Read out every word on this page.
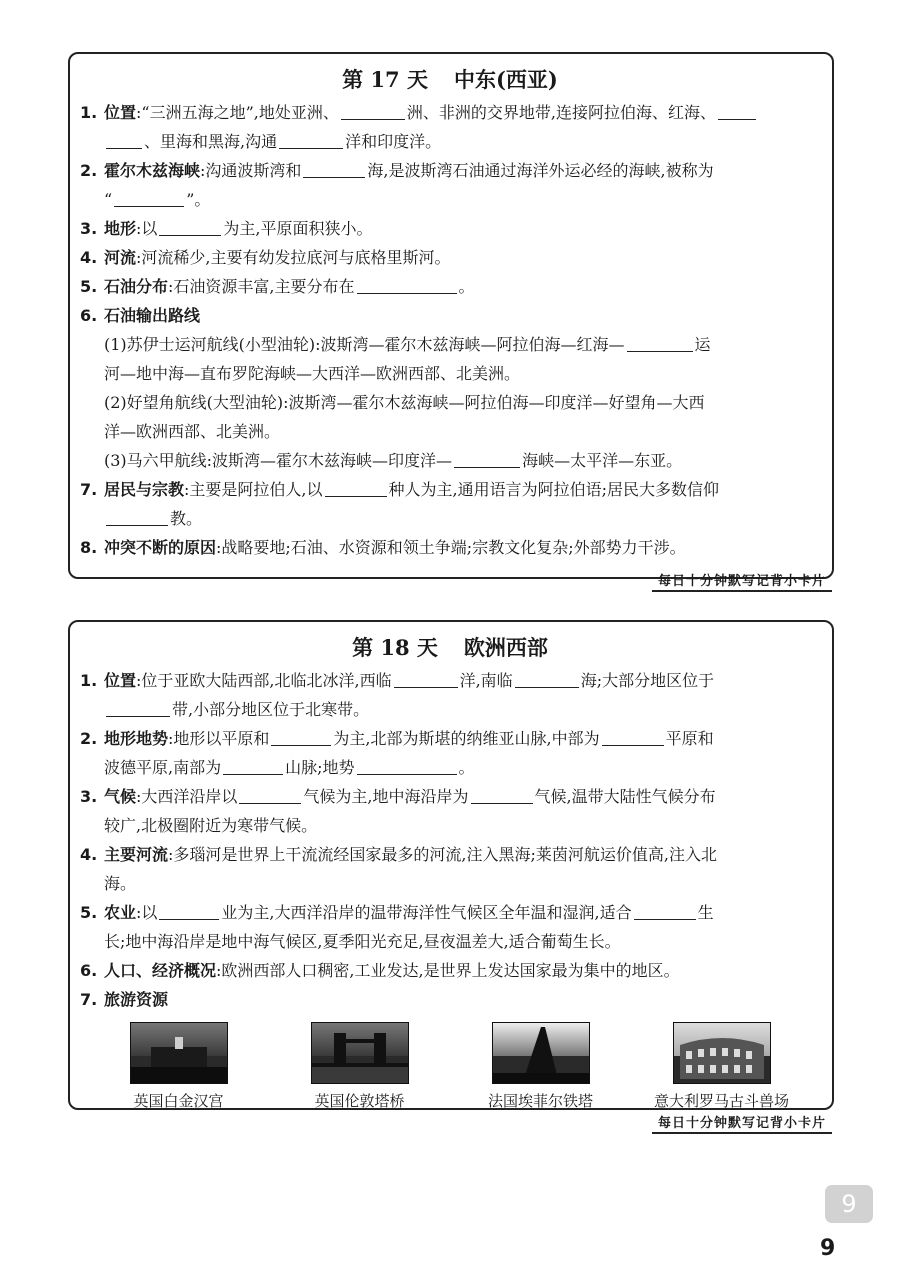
第 17 天 中东(西亚)

1. 位置:“三洲五海之地”,地处亚洲、	洲、非洲的交界地带,连接阿拉伯海、红海、

、里海和黑海,沟通	洋和印度洋。

2. 霍尔木兹海峡:沟通波斯湾和	海,是波斯湾石油通过海洋外运必经的海峡,被称为

“	”。

3. 地形:以	为主,平原面积狭小。

4. 河流:河流稀少,主要有幼发拉底河与底格里斯河。

5. 石油分布:石油资源丰富,主要分布在	。

6. 石油输出路线

(1)苏伊士运河航线(小型油轮):波斯湾—霍尔木兹海峡—阿拉伯海—红海—	运
河—地中海—直布罗陀海峡—大西洋—欧洲西部、北美洲。
(2)好望角航线(大型油轮):波斯湾—霍尔木兹海峡—阿拉伯海—印度洋—好望角—大西
洋—欧洲西部、北美洲。
(3)马六甲航线:波斯湾—霍尔木兹海峡—印度洋—	海峡—太平洋—东亚。

7. 居民与宗教:主要是阿拉伯人,以	种人为主,通用语言为阿拉伯语;居民大多数信仰

教。

8. 冲突不断的原因:战略要地;石油、水资源和领土争端;宗教文化复杂;外部势力干涉。

每日十分钟默写记背小卡片
第 18 天 欧洲西部

1. 位置:位于亚欧大陆西部,北临北冰洋,西临	洋,南临	海;大部分地区位于

带,小部分地区位于北寒带。

2. 地形地势:地形以平原和	为主,北部为斯堪的纳维亚山脉,中部为	平原和

波德平原,南部为	山脉;地势	。

3. 气候:大西洋沿岸以	气候为主,地中海沿岸为	气候,温带大陆性气候分布

较广,北极圈附近为寒带气候。

4. 主要河流:多瑙河是世界上干流流经国家最多的河流,注入黑海;莱茵河航运价值高,注入北

海。

5. 农业:以	业为主,大西洋沿岸的温带海洋性气候区全年温和湿润,适合	生

长;地中海沿岸是地中海气候区,夏季阳光充足,昼夜温差大,适合葡萄生长。

6. 人口、经济概况:欧洲西部人口稠密,工业发达,是世界上发达国家最为集中的地区。

7. 旅游资源

英国白金汉宫	英国伦敦塔桥	法国埃菲尔铁塔	意大利罗马古斗兽场
每日十分钟默写记背小卡片
9
9
